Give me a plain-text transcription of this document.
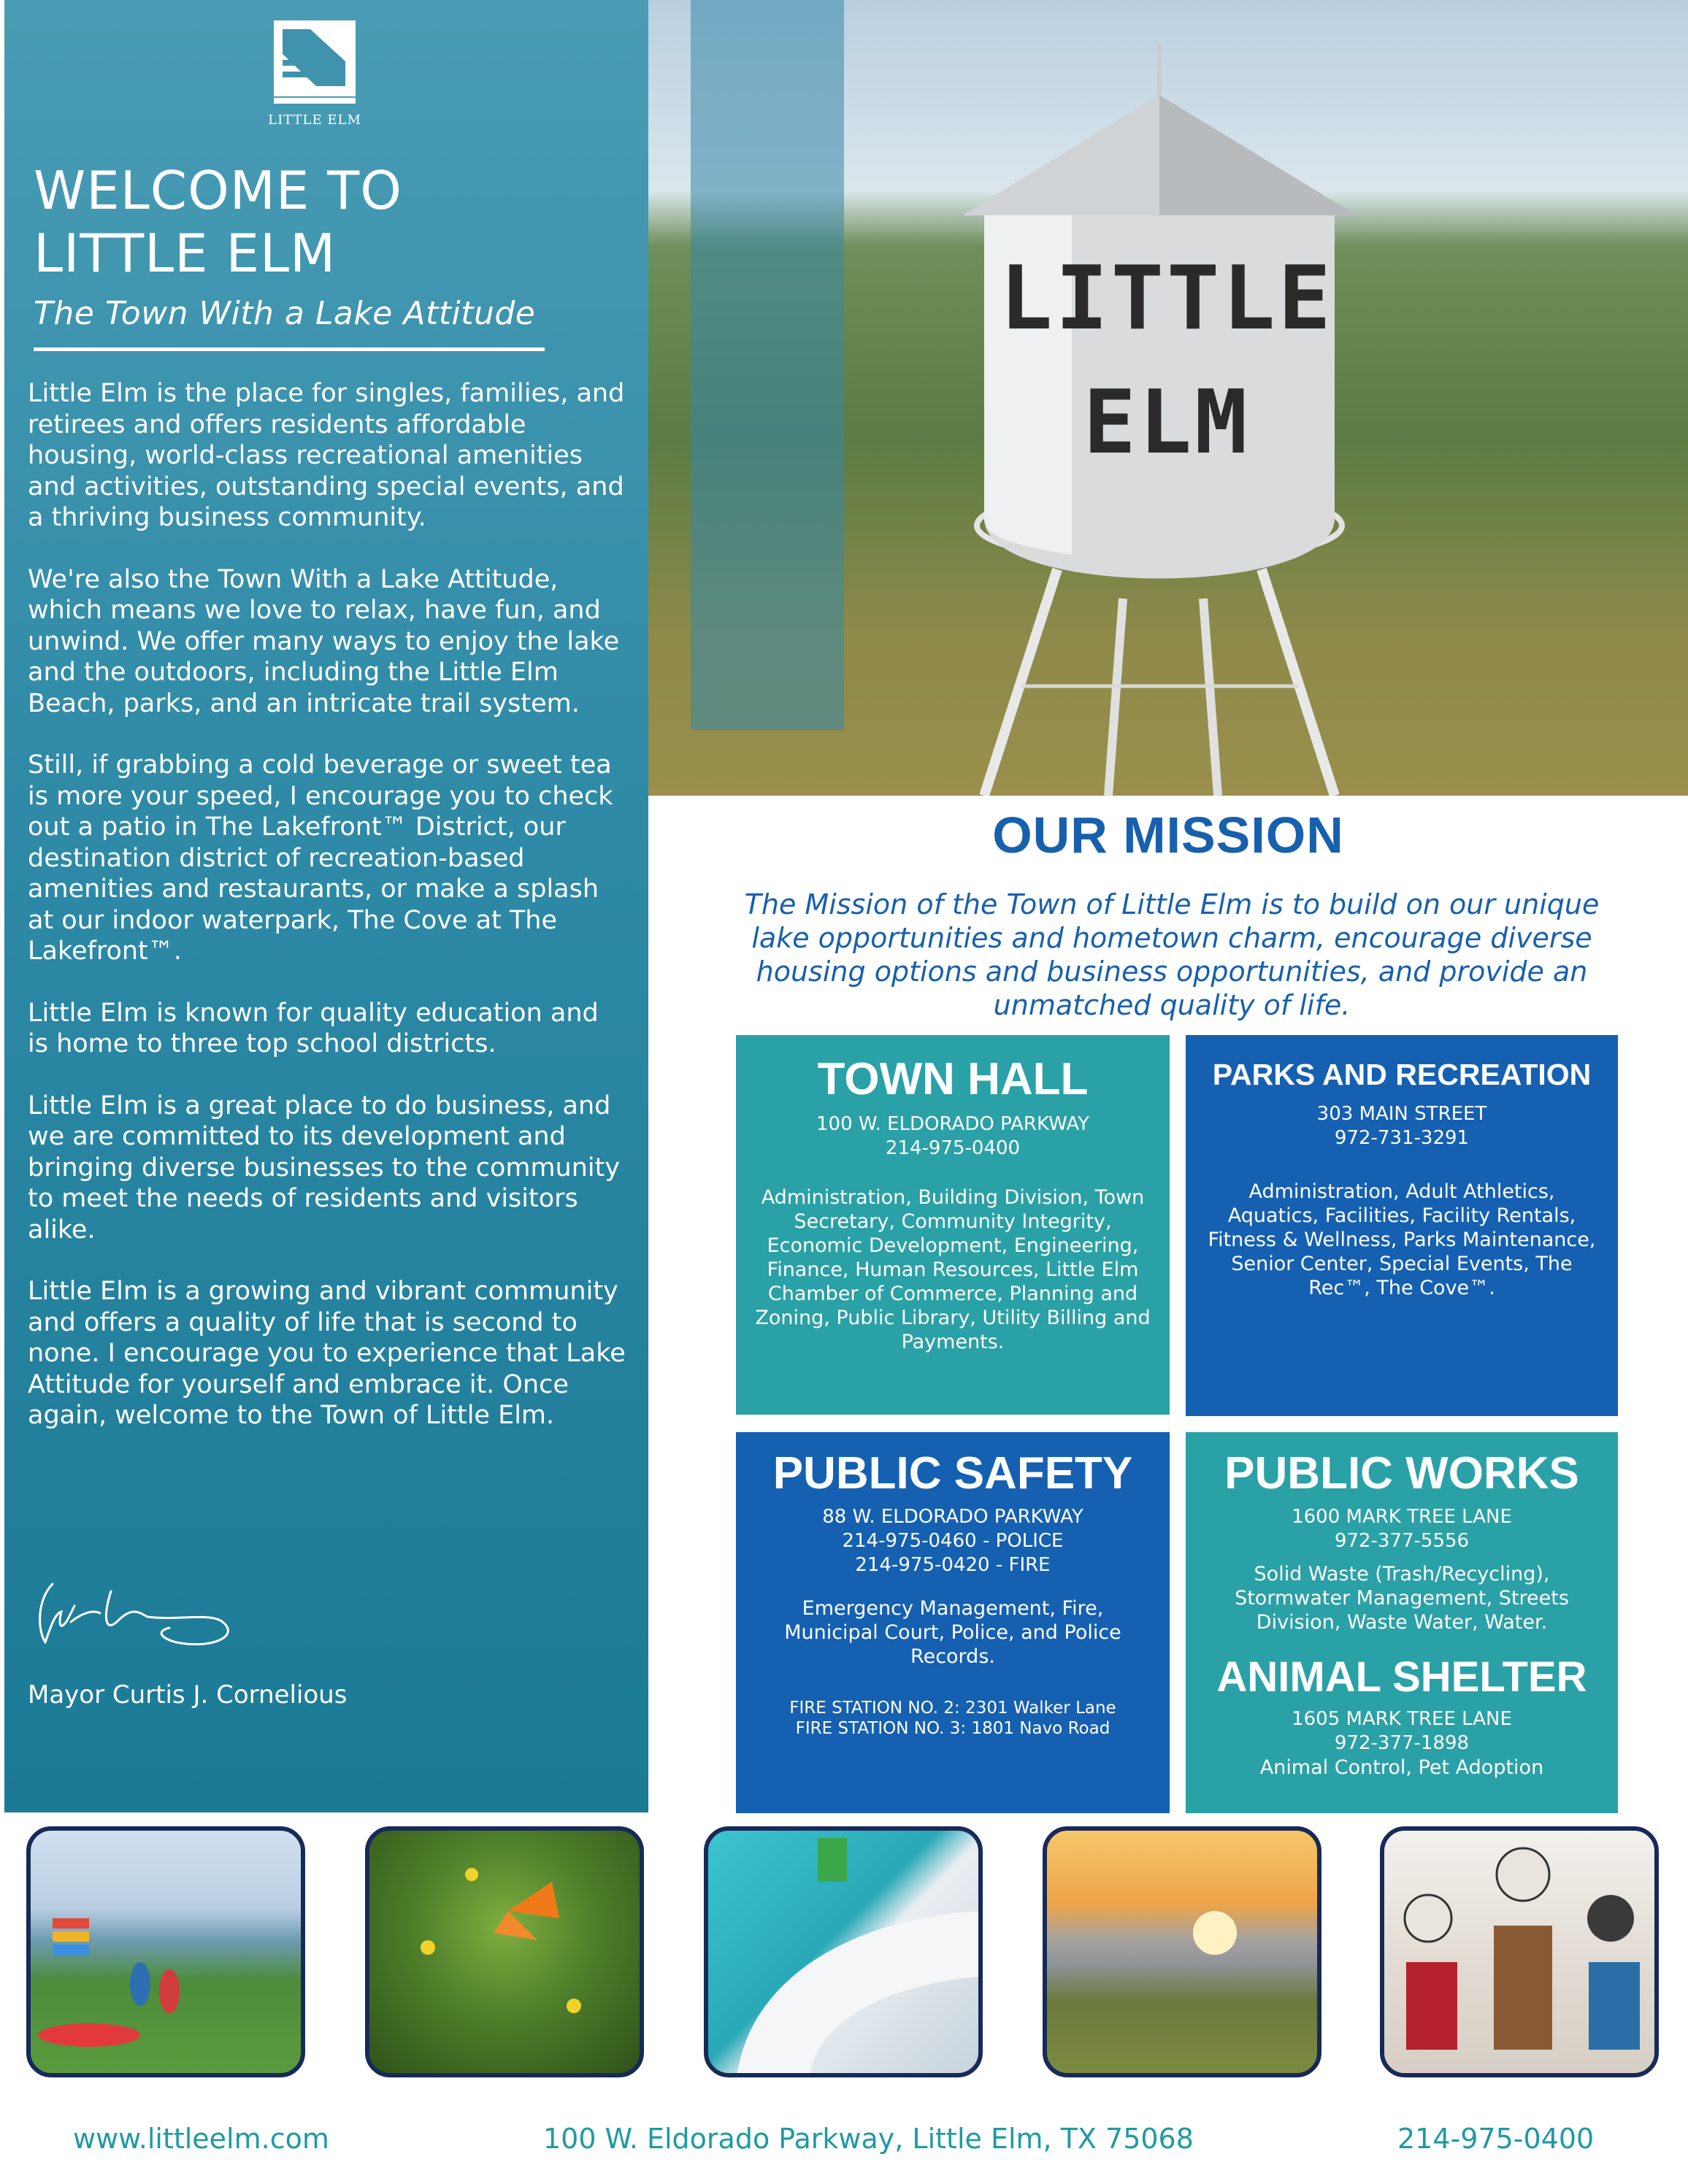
LITTLE ELM
WELCOME TO
LITTLE ELM
The Town With a Lake Attitude

Little Elm is the place for singles, families, and retirees and offers residents affordable housing, world-class recreational amenities and activities, outstanding special events, and a thriving business community.

We're also the Town With a Lake Attitude, which means we love to relax, have fun, and unwind. We offer many ways to enjoy the lake and the outdoors, including the Little Elm Beach, parks, and an intricate trail system.

Still, if grabbing a cold beverage or sweet tea is more your speed, I encourage you to check out a patio in The Lakefront™ District, our destination district of recreation-based amenities and restaurants, or make a splash at our indoor waterpark, The Cove at The Lakefront™.

Little Elm is known for quality education and is home to three top school districts.

Little Elm is a great place to do business, and we are committed to its development and bringing diverse businesses to the community to meet the needs of residents and visitors alike.

Little Elm is a growing and vibrant community and offers a quality of life that is second to none. I encourage you to experience that Lake Attitude for yourself and embrace it. Once again, welcome to the Town of Little Elm.

Mayor Curtis J. Cornelious
LITTLE
ELM
OUR MISSION
The Mission of the Town of Little Elm is to build on our unique lake opportunities and hometown charm, encourage diverse housing options and business opportunities, and provide an unmatched quality of life.
TOWN HALL
100 W. ELDORADO PARKWAY
214-975-0400
Administration, Building Division, Town Secretary, Community Integrity, Economic Development, Engineering, Finance, Human Resources, Little Elm Chamber of Commerce, Planning and Zoning, Public Library, Utility Billing and Payments.
PARKS AND RECREATION
303 MAIN STREET
972-731-3291
Administration, Adult Athletics, Aquatics, Facilities, Facility Rentals, Fitness & Wellness, Parks Maintenance, Senior Center, Special Events, The Rec™, The Cove™.
PUBLIC SAFETY
88 W. ELDORADO PARKWAY
214-975-0460 - POLICE
214-975-0420 - FIRE
Emergency Management, Fire, Municipal Court, Police, and Police Records.
FIRE STATION NO. 2: 2301 Walker Lane
FIRE STATION NO. 3: 1801 Navo Road
PUBLIC WORKS
1600 MARK TREE LANE
972-377-5556
Solid Waste (Trash/Recycling), Stormwater Management, Streets Division, Waste Water, Water.
ANIMAL SHELTER
1605 MARK TREE LANE
972-377-1898
Animal Control, Pet Adoption
www.littleelm.com	100 W. Eldorado Parkway, Little Elm, TX 75068	214-975-0400
